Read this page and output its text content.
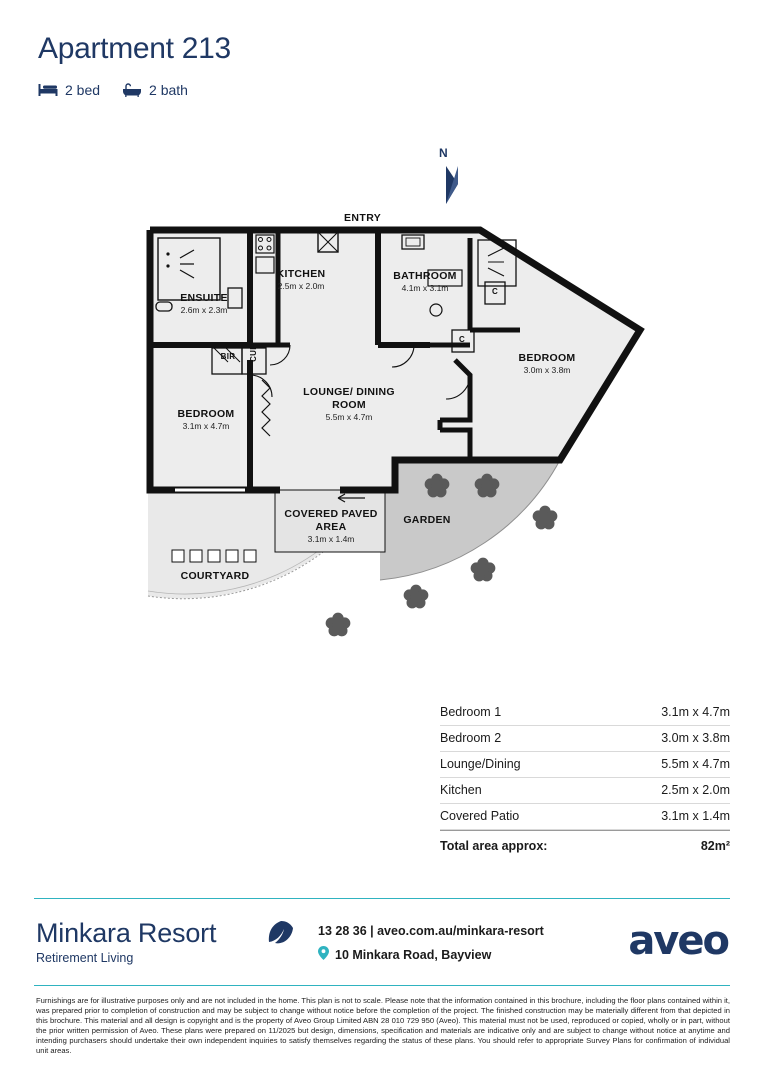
Apartment 213
2 bed	2 bath
N
ENTRY
KITCHEN
2.5m x 2.0m
BATHROOM
4.1m x 3.1m
ENSUITE
2.6m x 2.3m
BEDROOM
3.0m x 3.8m
BEDROOM
3.1m x 4.7m
LOUNGE/ DINING ROOM
5.5m x 4.7m
COVERED PAVED AREA
3.1m x 1.4m
GARDEN
COURTYARD
BIR	CUP
C
C
Bedroom 1	3.1m x 4.7m
Bedroom 2	3.0m x 3.8m
Lounge/Dining	5.5m x 4.7m
Kitchen	2.5m x 2.0m
Covered Patio	3.1m x 1.4m
Total area approx:	82m²
Minkara Resort
Retirement Living
13 28 36 | aveo.com.au/minkara-resort
10 Minkara Road, Bayview	aveo
Furnishings are for illustrative purposes only and are not included in the home. This plan is not to scale. Please note that the information contained in this brochure, including the floor plans contained within it, was prepared prior to completion of construction and may be subject to change without notice before the completion of the project. The finished construction may be materially different from that depicted in this brochure. This material and all design is copyright and is the property of Aveo Group Limited ABN 28 010 729 950 (Aveo). This material must not be used, reproduced or copied, wholly or in part, without the prior written permission of Aveo. These plans were prepared on 11/2025 but design, dimensions, specification and materials are indicative only and are subject to change without notice at anytime and intending purchasers should undertake their own independent inquiries to satisfy themselves regarding the status of these plans. You should refer to appropriate Survey Plans for confirmation of individual unit areas.
